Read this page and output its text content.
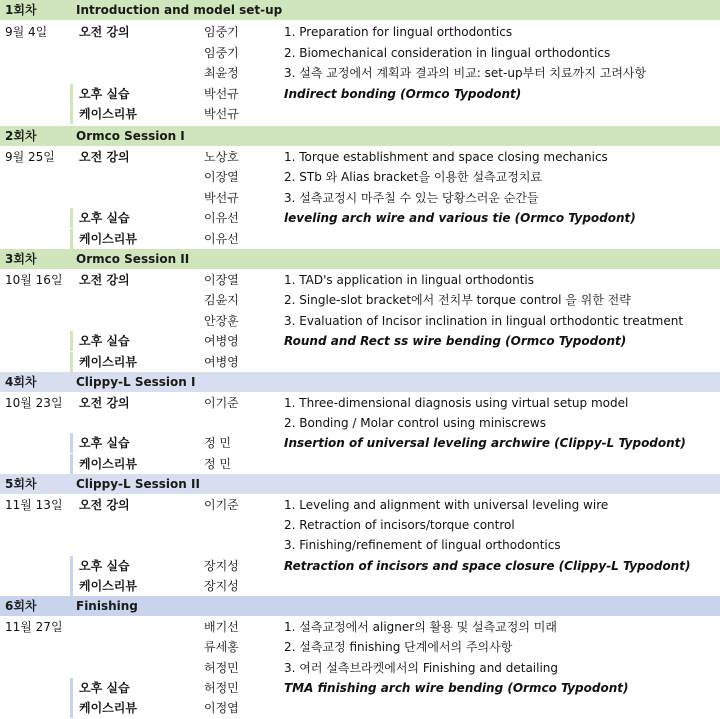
1회차	Introduction and model set-up
9월 4일	오전 강의	임중기	1. Preparation for lingual orthodontics
임중기	2. Biomechanical consideration in lingual orthodontics
최윤정	3. 설측 교정에서 계획과 결과의 비교: set-up부터 치료까지 고려사항
오후 실습	박선규	Indirect bonding (Ormco Typodont)
케이스리뷰	박선규
2회차	Ormco Session I
9월 25일 오전 강의	노상호	1. Torque establishment and space closing mechanics
이장열	2. STb 와 Alias bracket을 이용한 설측교정치료
박선규	3. 설측교정시 마주칠 수 있는 당황스러운 순간들
오후 실습	이유선	leveling arch wire and various tie (Ormco Typodont)
케이스리뷰	이유선
3회차	Ormco Session II
10월 16일 오전 강의	이장열	1. TAD's application in lingual orthodontis
김윤지	2. Single-slot bracket에서 전치부 torque control 을 위한 전략
안장훈	3. Evaluation of Incisor inclination in lingual orthodontic treatment
오후 실습	여병영	Round and Rect ss wire bending (Ormco Typodont)
케이스리뷰	여병영
4회차	Clippy-L Session I
10월 23일 오전 강의	이기준	1. Three-dimensional diagnosis using virtual setup model
2. Bonding / Molar control using miniscrews
오후 실습	정 민	Insertion of universal leveling archwire (Clippy-L Typodont)
케이스리뷰	정 민
5회차	Clippy-L Session II
11월 13일 오전 강의	이기준	1. Leveling and alignment with universal leveling wire
2. Retraction of incisors/torque control
3. Finishing/refinement of lingual orthodontics
오후 실습	장지성	Retraction of incisors and space closure (Clippy-L Typodont)
케이스리뷰	장지성
6회차	Finishing
11월 27일	배기선	1. 설측교정에서 aligner의 활용 및 설측교정의 미래
류세홍	2. 설측교정 finishing 단계에서의 주의사항
허정민	3. 여러 설측브라켓에서의 Finishing and detailing
오후 실습	허정민	TMA finishing arch wire bending (Ormco Typodont)
케이스리뷰	이정엽
